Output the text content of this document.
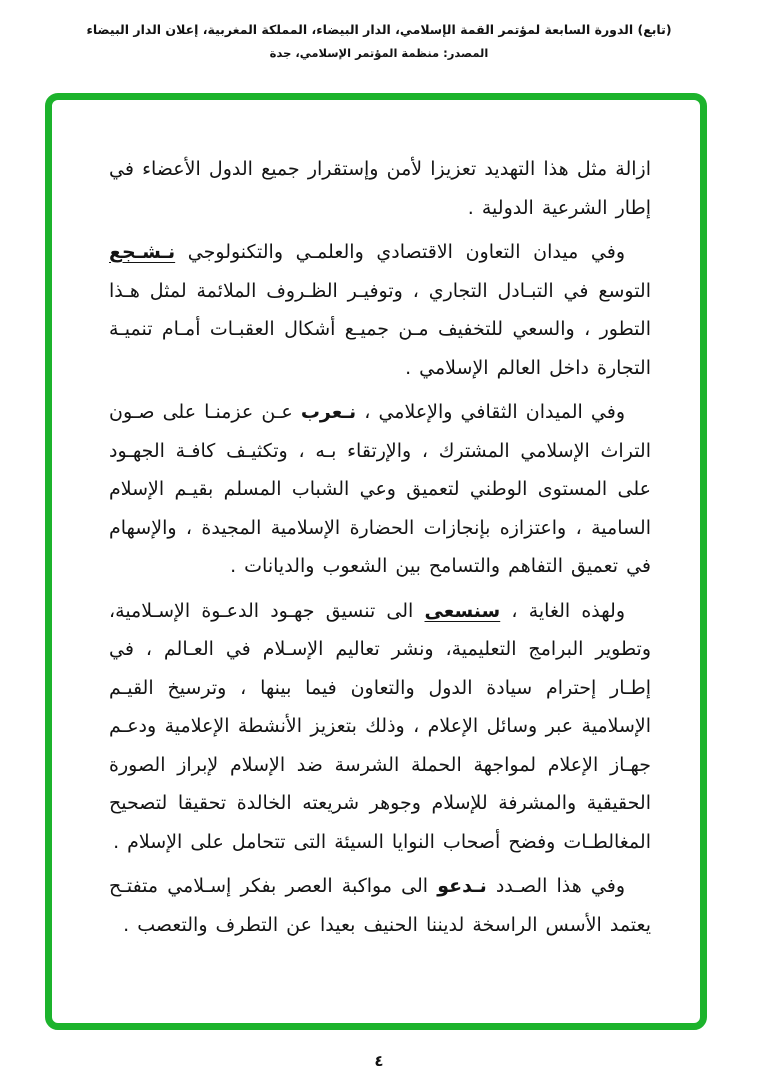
(تابع) الدورة السابعة لمؤتمر القمة الإسلامي، الدار البيضاء، المملكة المغربية، إعلان الدار البيضاء

المصدر: منظمة المؤتمر الإسلامي، جدة

ازالة مثل هذا التهديد تعزيزا لأمن وإستقرار جميع الدول الأعضاء في إطار الشرعية الدولية .

وفي ميدان التعاون الاقتصادي والعلمـي والتكنولوجي نـشـجع التوسع في التبـادل التجاري ، وتوفيـر الظـروف الملائمة لمثل هـذا التطور ، والسعي للتخفيف مـن جميـع أشكال العقبـات أمـام تنميـة التجارة داخل العالم الإسلامي .

وفي الميدان الثقافي والإعلامي ، نـعرب عـن عزمنـا على صـون التراث الإسلامي المشترك ، والإرتقاء بـه ، وتكثيـف كافـة الجهـود على المستوى الوطني لتعميق وعي الشباب المسلم بقيـم الإسلام السامية ، واعتزازه بإنجازات الحضارة الإسلامية المجيدة ، والإسهام في تعميق التفاهم والتسامح بين الشعوب والديانات .

ولهذه الغاية ، سنسعى الى تنسيق جهـود الدعـوة الإسـلامية، وتطوير البرامج التعليمية، ونشر تعاليم الإسـلام في العـالم ، في إطـار إحترام سيادة الدول والتعاون فيما بينها ، وترسيخ القيـم الإسلامية عبر وسائل الإعلام ، وذلك بتعزيز الأنشطة الإعلامية ودعـم جهـاز الإعلام لمواجهة الحملة الشرسة ضد الإسلام لإبراز الصورة الحقيقية والمشرفة للإسلام وجوهر شريعته الخالدة تحقيقا لتصحيح المغالطـات وفضح أصحاب النوايا السيئة التى تتحامل على الإسلام .

وفي هذا الصـدد نـدعو الى مواكبة العصر بفكر إسـلامي متفتـح يعتمد الأسس الراسخة لديننا الحنيف بعيدا عن التطرف والتعصب .

٤
